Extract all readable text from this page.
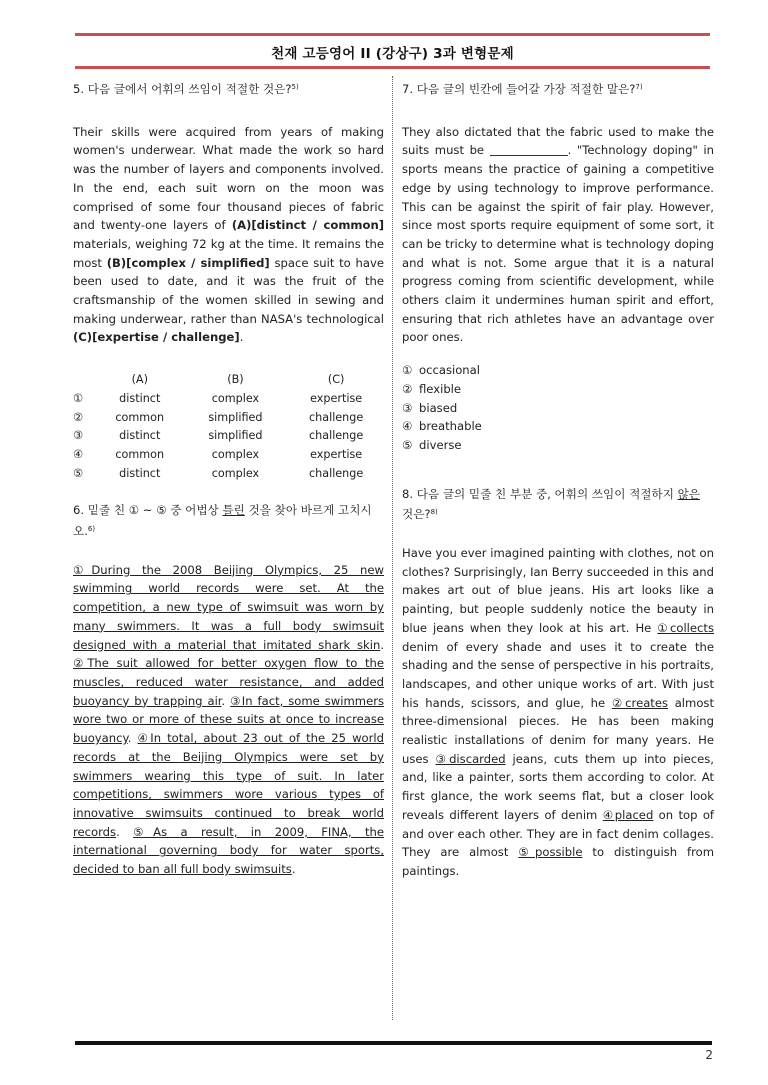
천재 고등영어 II (강상구) 3과 변형문제

5. 다음 글에서 어휘의 쓰임이 적절한 것은?$^{5)}$

Their skills were acquired from years of making women's underwear. What made the work so hard was the number of layers and components involved. In the end, each suit worn on the moon was comprised of some four thousand pieces of fabric and twenty-one layers of (A)[distinct / common] materials, weighing 72 kg at the time. It remains the most (B)[complex / simplified] space suit to have been used to date, and it was the fruit of the craftsmanship of the women skilled in sewing and making underwear, rather than NASA's technological (C)[expertise / challenge].

	(A)	(B)	(C)
①	distinct	complex	expertise
②	common	simplified	challenge
③	distinct	simplified	challenge
④	common	complex	expertise
⑤	distinct	complex	challenge

6. 밑줄 친 ① ~ ⑤ 중 어법상 틀린 것을 찾아 바르게 고치시오.$^{6)}$

①During the 2008 Beijing Olympics, 25 new swimming world records were set. At the competition, a new type of swimsuit was worn by many swimmers. It was a full body swimsuit designed with a material that imitated shark skin. ②The suit allowed for better oxygen flow to the muscles, reduced water resistance, and added buoyancy by trapping air. ③In fact, some swimmers wore two or more of these suits at once to increase buoyancy. ④In total, about 23 out of the 25 world records at the Beijing Olympics were set by swimmers wearing this type of suit. In later competitions, swimmers wore various types of innovative swimsuits continued to break world records. ⑤As a result, in 2009, FINA, the international governing body for water sports, decided to ban all full body swimsuits.

7. 다음 글의 빈칸에 들어갈 가장 적절한 말은?$^{7)}$

They also dictated that the fabric used to make the suits must be	. "Technology doping" in sports means the practice of gaining a competitive edge by using technology to improve performance. This can be against the spirit of fair play. However, since most sports require equipment of some sort, it can be tricky to determine what is technology doping and what is not. Some argue that it is a natural progress coming from scientific development, while others claim it undermines human spirit and effort, ensuring that rich athletes have an advantage over poor ones.

① occasional
② flexible
③ biased
④ breathable
⑤ diverse

8. 다음 글의 밑줄 친 부분 중, 어휘의 쓰임이 적절하지 않은 것은?$^{8)}$

Have you ever imagined painting with clothes, not on clothes? Surprisingly, Ian Berry succeeded in this and makes art out of blue jeans. His art looks like a painting, but people suddenly notice the beauty in blue jeans when they look at his art. He ①collects denim of every shade and uses it to create the shading and the sense of perspective in his portraits, landscapes, and other unique works of art. With just his hands, scissors, and glue, he ②creates almost three-dimensional pieces. He has been making realistic installations of denim for many years. He uses ③discarded jeans, cuts them up into pieces, and, like a painter, sorts them according to color. At first glance, the work seems flat, but a closer look reveals different layers of denim ④placed on top of and over each other. They are in fact denim collages. They are almost ⑤possible to distinguish from paintings.

2
